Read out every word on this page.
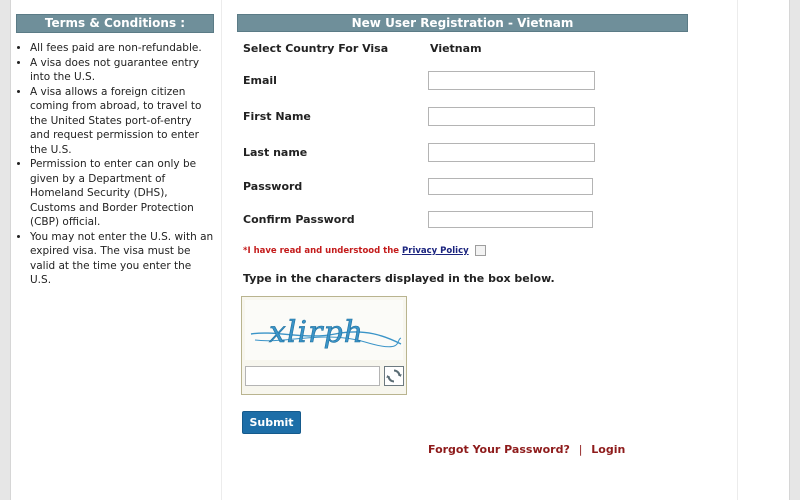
Terms & Conditions :
• All fees paid are non-refundable.
• A visa does not guarantee entry into the U.S.
• A visa allows a foreign citizen coming from abroad, to travel to the United States port-of-entry and request permission to enter the U.S.
• Permission to enter can only be given by a Department of Homeland Security (DHS), Customs and Border Protection (CBP) official.
• You may not enter the U.S. with an expired visa. The visa must be valid at the time you enter the U.S.
New User Registration - Vietnam
Select Country For Visa	Vietnam
Email
First Name
Last name
Password
Confirm Password
*I have read and understood the Privacy Policy
Type in the characters displayed in the box below.
xlirph
Submit
Forgot Your Password? | Login
